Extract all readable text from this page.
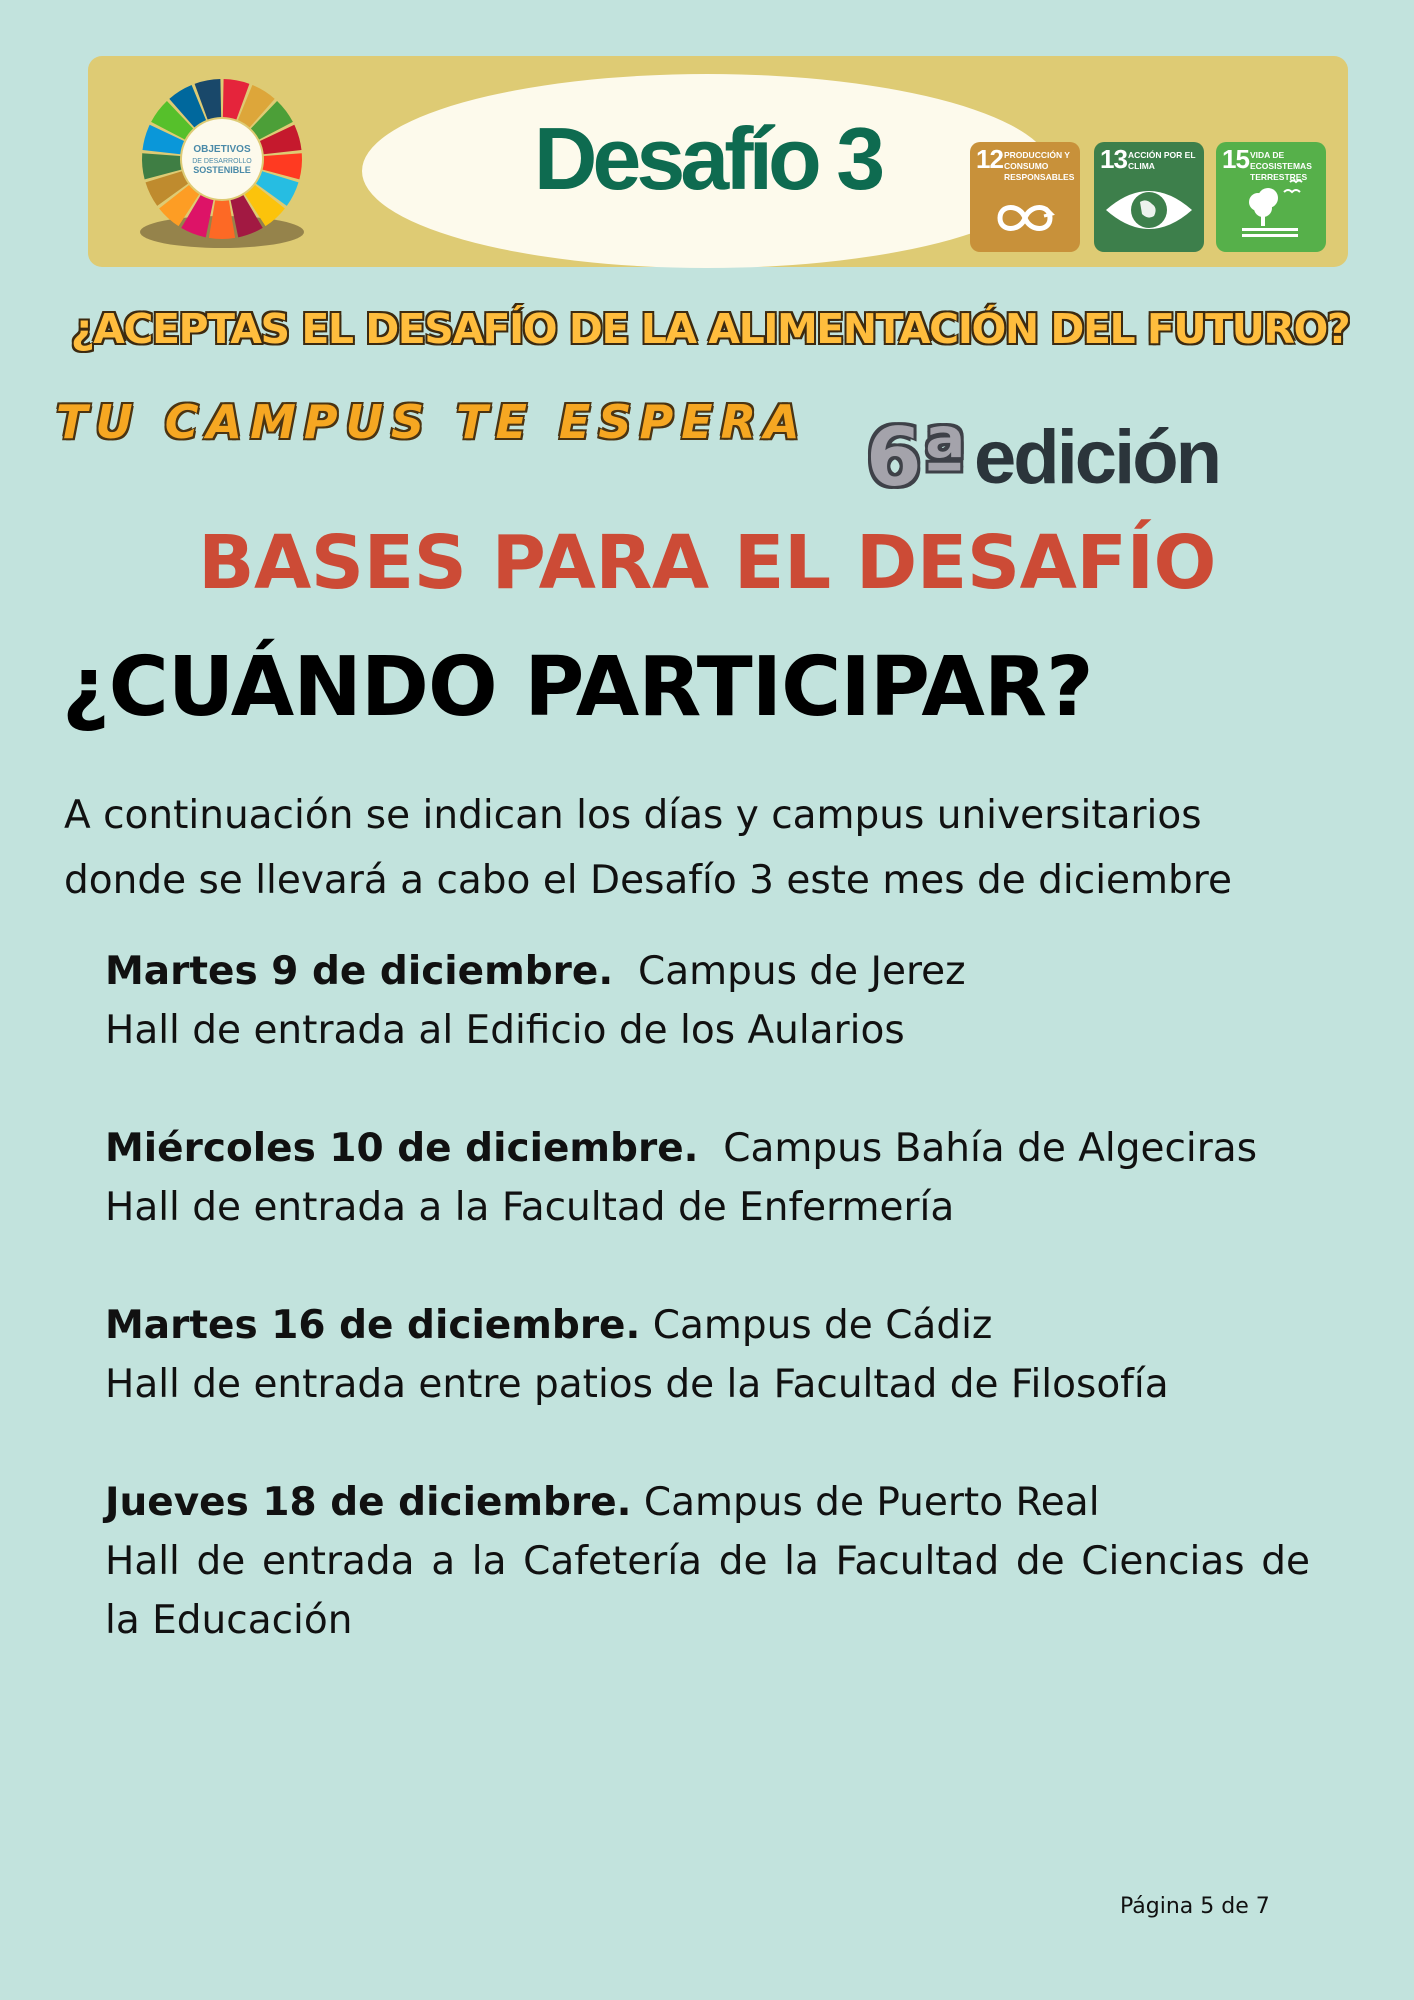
OBJETIVOS
DE DESARROLLO
SOSTENIBLE	Desafío 3	12 PRODUCCIÓN Y CONSUMO RESPONSABLES
13 ACCIÓN POR EL CLIMA	15 VIDA DE ECOSISTEMAS TERRESTRES
¿ACEPTAS EL DESAFÍO DE LA ALIMENTACIÓN DEL FUTURO?
TU CAMPUS TE ESPERA 6ª edición
BASES PARA EL DESAFÍO
¿CUÁNDO PARTICIPAR?
A continuación se indican los días y campus universitarios
donde se llevará a cabo el Desafío 3 este mes de diciembre
Martes 9 de diciembre. Campus de Jerez
Hall de entrada al Edificio de los Aularios
Miércoles 10 de diciembre. Campus Bahía de Algeciras
Hall de entrada a la Facultad de Enfermería
Martes 16 de diciembre. Campus de Cádiz
Hall de entrada entre patios de la Facultad de Filosofía
Jueves 18 de diciembre. Campus de Puerto Real
Hall de entrada a la Cafetería de la Facultad de Ciencias de la Educación
Página 5 de 7
